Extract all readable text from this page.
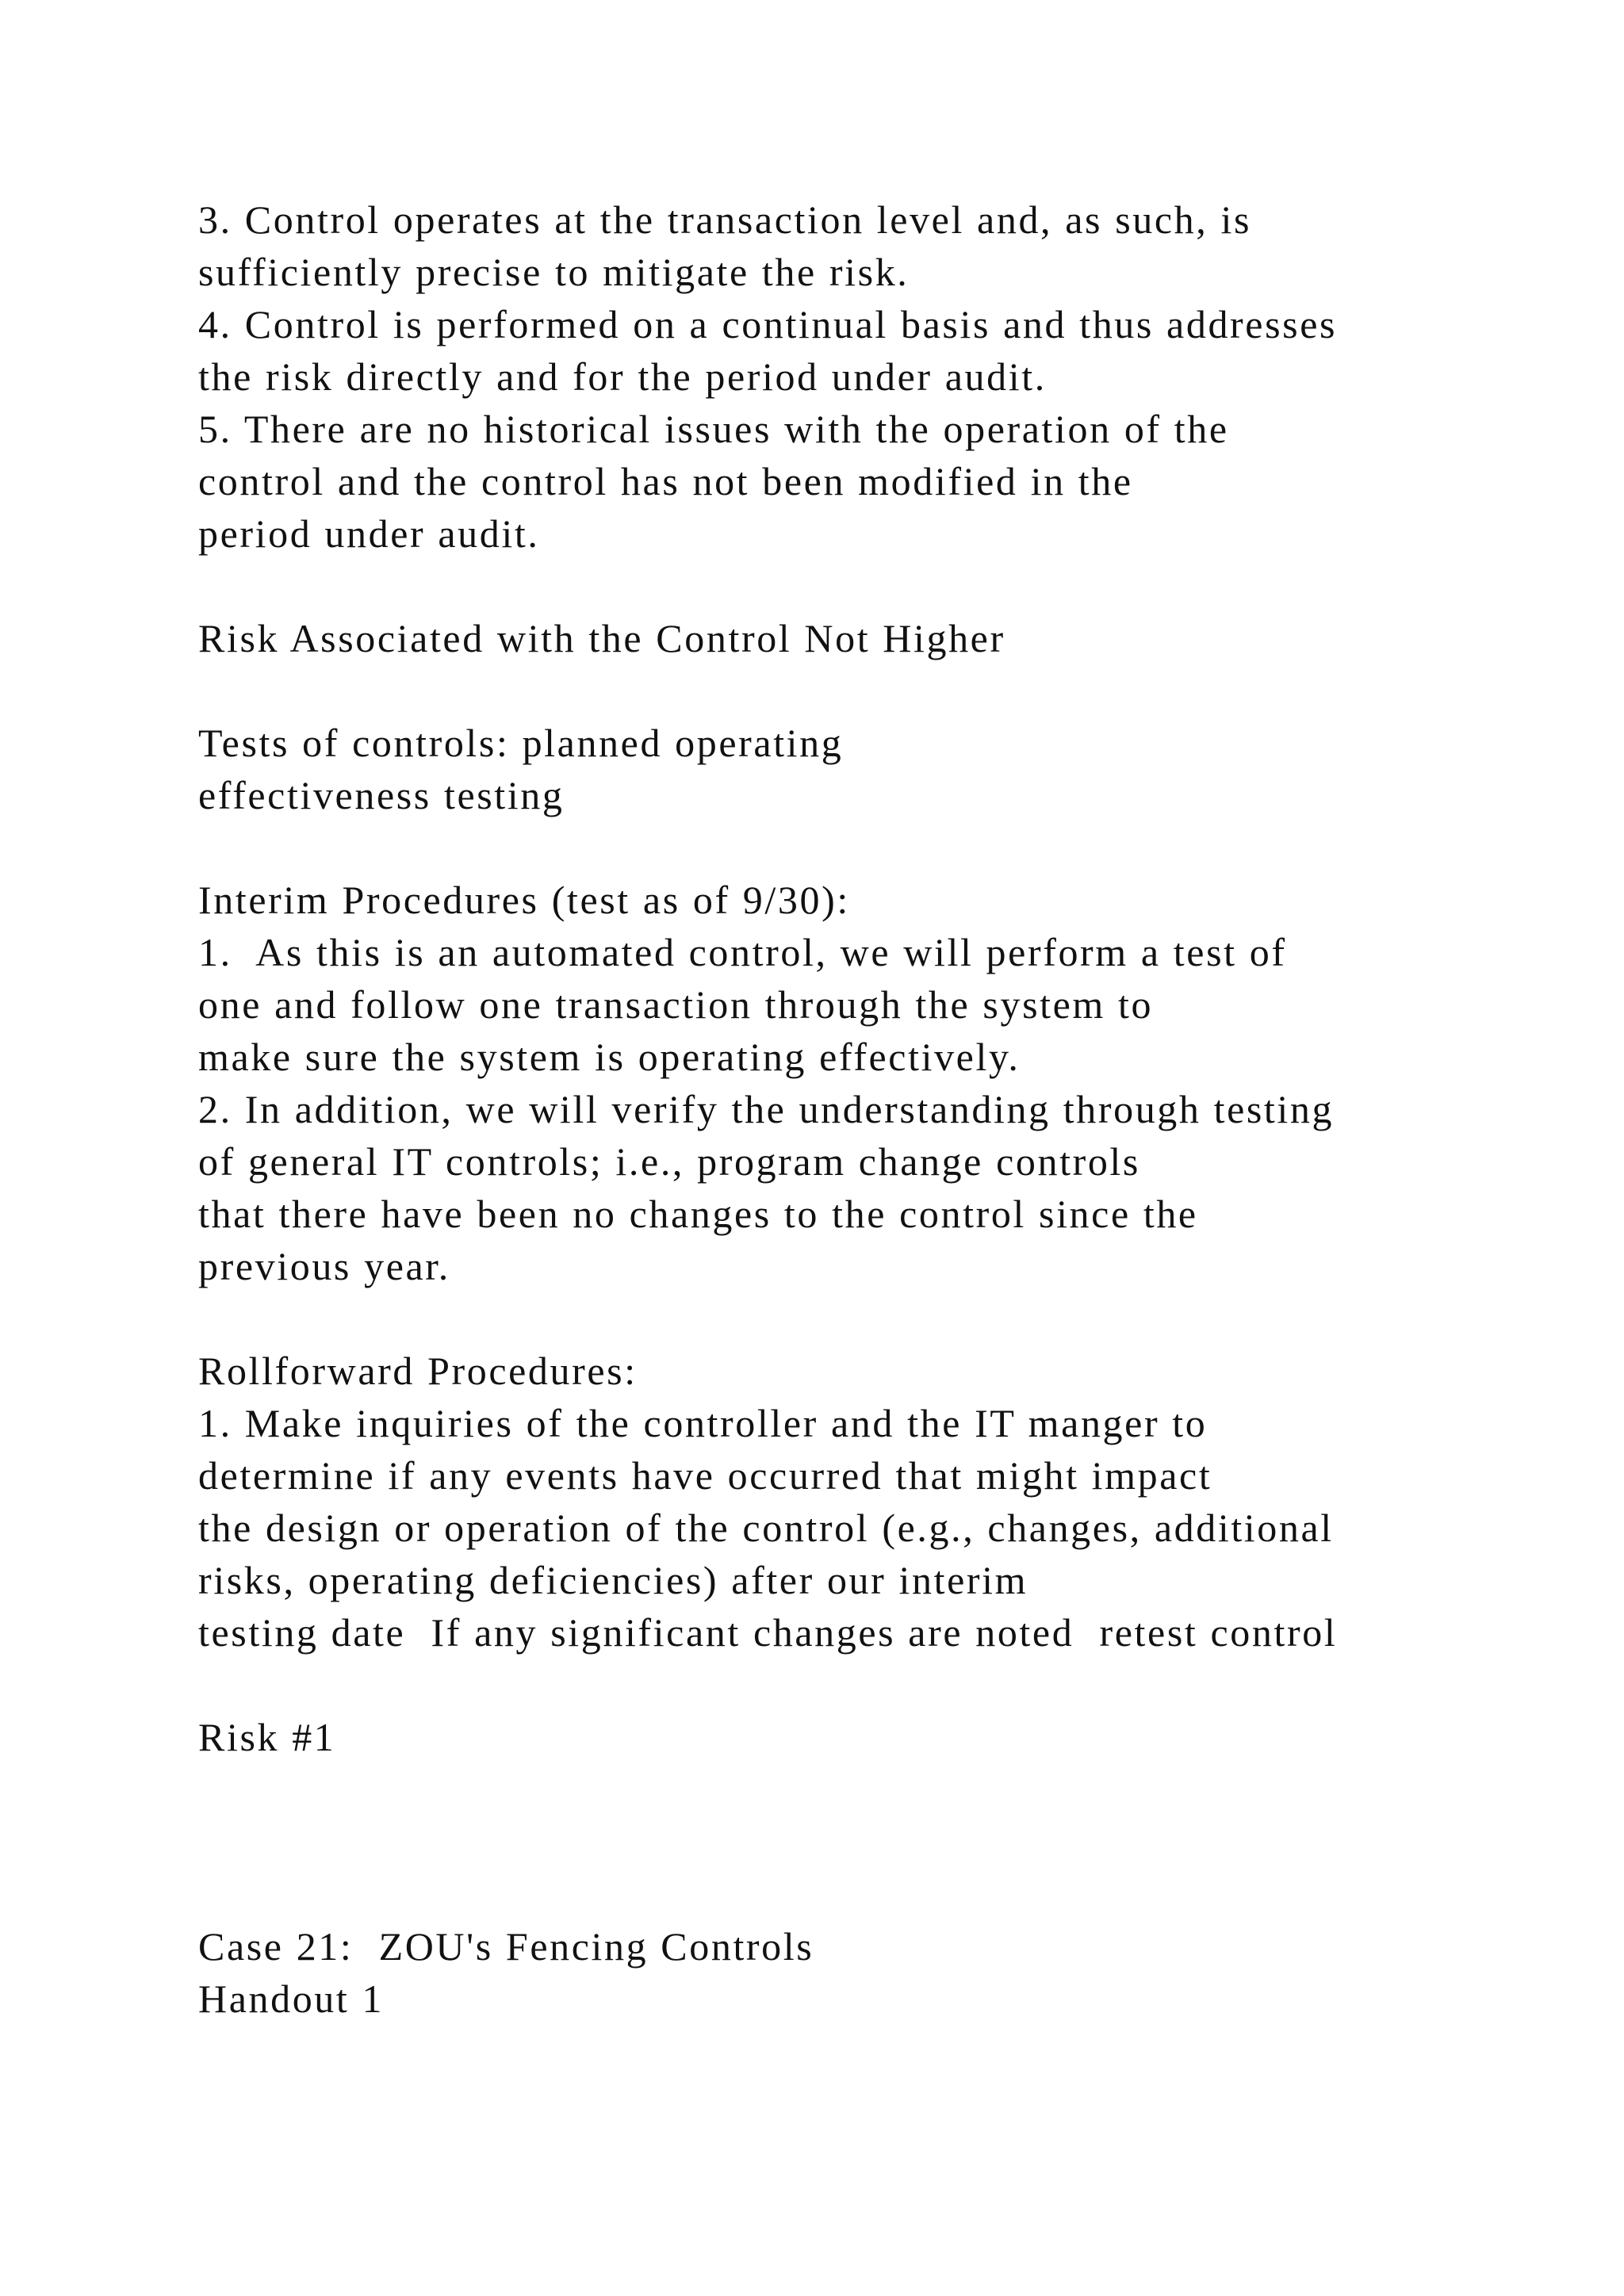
3. Control operates at the transaction level and, as such, is
sufficiently precise to mitigate the risk.
4. Control is performed on a continual basis and thus addresses
the risk directly and for the period under audit.
5. There are no historical issues with the operation of the
control and the control has not been modified in the
period under audit.
Risk Associated with the Control Not Higher
Tests of controls: planned operating
effectiveness testing
Interim Procedures (test as of 9/30):
1.  As this is an automated control, we will perform a test of
one and follow one transaction through the system to
make sure the system is operating effectively.
2. In addition, we will verify the understanding through testing
of general IT controls; i.e., program change controls
that there have been no changes to the control since the
previous year.
Rollforward Procedures:
1. Make inquiries of the controller and the IT manger to
determine if any events have occurred that might impact
the design or operation of the control (e.g., changes, additional
risks, operating deficiencies) after our interim
testing date  If any significant changes are noted  retest control
Risk #1
Case 21:  ZOU's Fencing Controls
Handout 1
